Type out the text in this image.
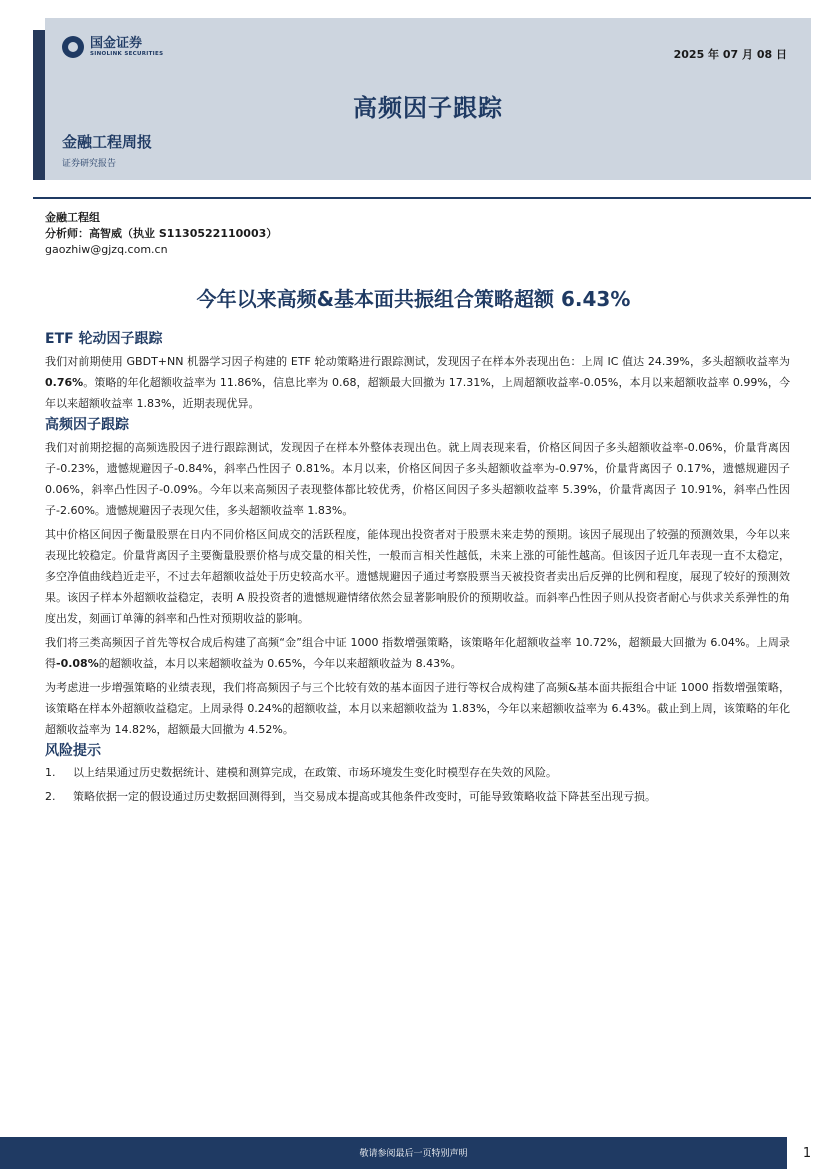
国金证券
SINOLINK SECURITIES	2025 年 07 月 08 日
高频因子跟踪
金融工程周报
证券研究报告
金融工程组
分析师：高智威（执业 S1130522110003）
gaozhiw@gjzq.com.cn
今年以来高频&基本面共振组合策略超额 6.43%
ETF 轮动因子跟踪
我们对前期使用 GBDT+NN 机器学习因子构建的 ETF 轮动策略进行跟踪测试，发现因子在样本外表现出色：上周 IC 值达 24.39%，多头超额收益率为 0.76%。策略的年化超额收益率为 11.86%，信息比率为 0.68，超额最大回撤为 17.31%，上周超额收益率-0.05%，本月以来超额收益率 0.99%，今年以来超额收益率 1.83%，近期表现优异。
高频因子跟踪
我们对前期挖掘的高频选股因子进行跟踪测试，发现因子在样本外整体表现出色。就上周表现来看，价格区间因子多头超额收益率-0.06%，价量背离因子-0.23%，遗憾规避因子-0.84%，斜率凸性因子 0.81%。本月以来，价格区间因子多头超额收益率为-0.97%，价量背离因子 0.17%，遗憾规避因子 0.06%，斜率凸性因子-0.09%。今年以来高频因子表现整体都比较优秀，价格区间因子多头超额收益率 5.39%，价量背离因子 10.91%，斜率凸性因子-2.60%。遗憾规避因子表现欠佳，多头超额收益率 1.83%。
其中价格区间因子衡量股票在日内不同价格区间成交的活跃程度，能体现出投资者对于股票未来走势的预期。该因子展现出了较强的预测效果，今年以来表现比较稳定。价量背离因子主要衡量股票价格与成交量的相关性，一般而言相关性越低，未来上涨的可能性越高。但该因子近几年表现一直不太稳定，多空净值曲线趋近走平，不过去年超额收益处于历史较高水平。遗憾规避因子通过考察股票当天被投资者卖出后反弹的比例和程度，展现了较好的预测效果。该因子样本外超额收益稳定，表明 A 股投资者的遗憾规避情绪依然会显著影响股价的预期收益。而斜率凸性因子则从投资者耐心与供求关系弹性的角度出发，刻画订单簿的斜率和凸性对预期收益的影响。
我们将三类高频因子首先等权合成后构建了高频“金”组合中证 1000 指数增强策略，该策略年化超额收益率 10.72%，超额最大回撤为 6.04%。上周录得-0.08%的超额收益，本月以来超额收益为 0.65%，今年以来超额收益为 8.43%。
为考虑进一步增强策略的业绩表现，我们将高频因子与三个比较有效的基本面因子进行等权合成构建了高频&基本面共振组合中证 1000 指数增强策略，该策略在样本外超额收益稳定。上周录得 0.24%的超额收益，本月以来超额收益为 1.83%，今年以来超额收益率为 6.43%。截止到上周，该策略的年化超额收益率为 14.82%，超额最大回撤为 4.52%。
风险提示
1.	以上结果通过历史数据统计、建模和测算完成，在政策、市场环境发生变化时模型存在失效的风险。
2.	策略依据一定的假设通过历史数据回测得到，当交易成本提高或其他条件改变时，可能导致策略收益下降甚至出现亏损。
敬请参阅最后一页特别声明	1
